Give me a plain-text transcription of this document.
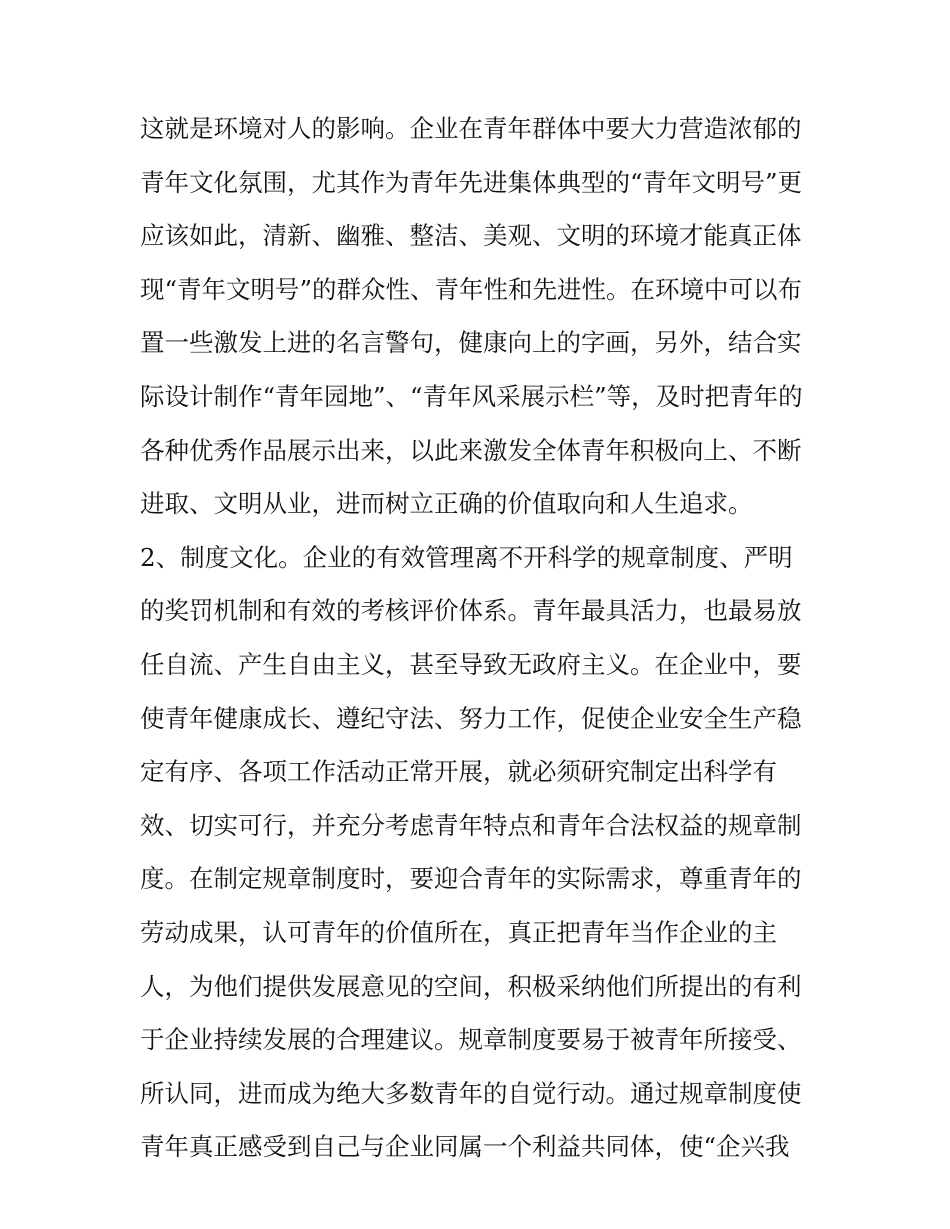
这就是环境对人的影响。企业在青年群体中要大力营造浓郁的
青年文化氛围，尤其作为青年先进集体典型的“青年文明号”更
应该如此，清新、幽雅、整洁、美观、文明的环境才能真正体
现“青年文明号”的群众性、青年性和先进性。在环境中可以布
置一些激发上进的名言警句，健康向上的字画，另外，结合实
际设计制作“青年园地”、“青年风采展示栏”等，及时把青年的
各种优秀作品展示出来，以此来激发全体青年积极向上、不断
进取、文明从业，进而树立正确的价值取向和人生追求。
2、制度文化。企业的有效管理离不开科学的规章制度、严明
的奖罚机制和有效的考核评价体系。青年最具活力，也最易放
任自流、产生自由主义，甚至导致无政府主义。在企业中，要
使青年健康成长、遵纪守法、努力工作，促使企业安全生产稳
定有序、各项工作活动正常开展，就必须研究制定出科学有
效、切实可行，并充分考虑青年特点和青年合法权益的规章制
度。在制定规章制度时，要迎合青年的实际需求，尊重青年的
劳动成果，认可青年的价值所在，真正把青年当作企业的主
人，为他们提供发展意见的空间，积极采纳他们所提出的有利
于企业持续发展的合理建议。规章制度要易于被青年所接受、
所认同，进而成为绝大多数青年的自觉行动。通过规章制度使
青年真正感受到自己与企业同属一个利益共同体，使“企兴我
